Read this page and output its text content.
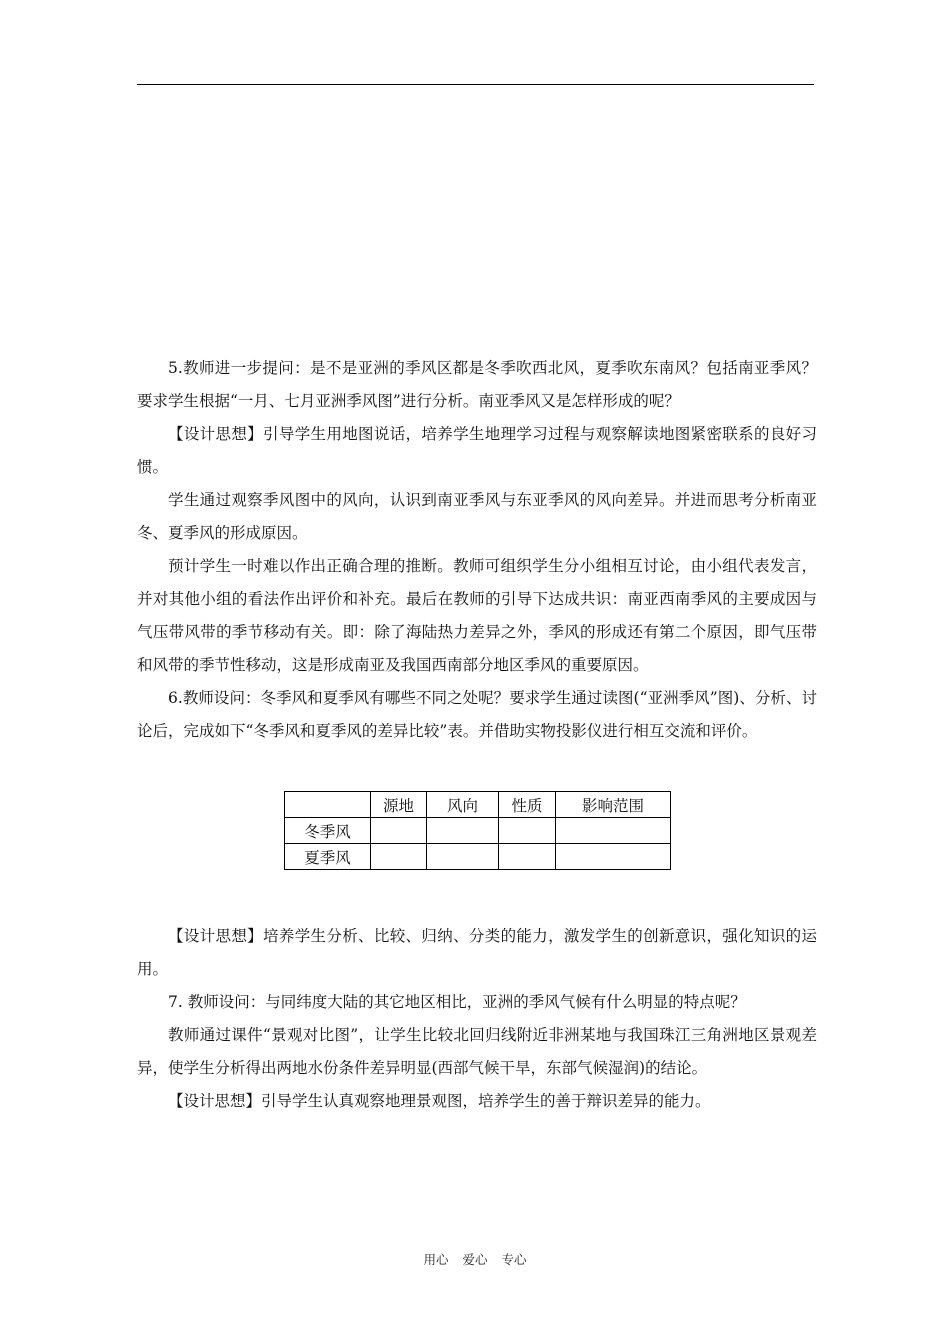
5.教师进一步提问：是不是亚洲的季风区都是冬季吹西北风，夏季吹东南风？包括南亚季风？要求学生根据“一月、七月亚洲季风图”进行分析。南亚季风又是怎样形成的呢？

【设计思想】引导学生用地图说话，培养学生地理学习过程与观察解读地图紧密联系的良好习惯。

学生通过观察季风图中的风向，认识到南亚季风与东亚季风的风向差异。并进而思考分析南亚冬、夏季风的形成原因。

预计学生一时难以作出正确合理的推断。教师可组织学生分小组相互讨论，由小组代表发言，并对其他小组的看法作出评价和补充。最后在教师的引导下达成共识：南亚西南季风的主要成因与气压带风带的季节移动有关。即：除了海陆热力差异之外，季风的形成还有第二个原因，即气压带和风带的季节性移动，这是形成南亚及我国西南部分地区季风的重要原因。

6.教师设问：冬季风和夏季风有哪些不同之处呢？要求学生通过读图(“亚洲季风”图)、分析、讨论后，完成如下“冬季风和夏季风的差异比较”表。并借助实物投影仪进行相互交流和评价。

	源地	风向	性质	影响范围
冬季风				
夏季风				

【设计思想】培养学生分析、比较、归纳、分类的能力，激发学生的创新意识，强化知识的运用。

7. 教师设问：与同纬度大陆的其它地区相比，亚洲的季风气候有什么明显的特点呢？

教师通过课件“景观对比图”，让学生比较北回归线附近非洲某地与我国珠江三角洲地区景观差异，使学生分析得出两地水份条件差异明显(西部气候干旱，东部气候湿润)的结论。

【设计思想】引导学生认真观察地理景观图，培养学生的善于辩识差异的能力。

用心 爱心 专心
